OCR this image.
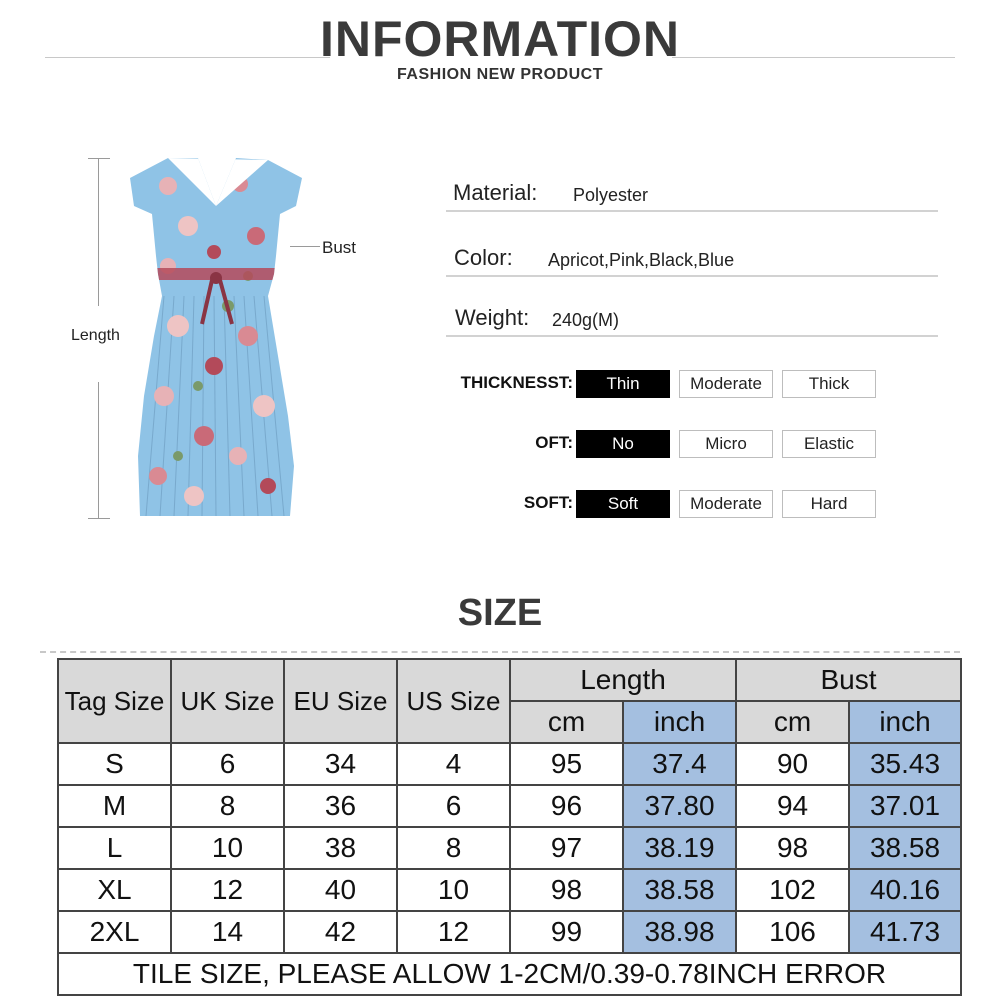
INFORMATION
FASHION NEW PRODUCT
Length
Bust
Material: Polyester
Color: Apricot,Pink,Black,Blue
Weight: 240g(M)
THICKNESST:	Thin	Moderate	Thick
OFT:	No	Micro	Elastic
SOFT:	Soft	Moderate	Hard
SIZE
Tag Size	UK Size	EU Size	US Size	Length		Bust	
				cm	inch	cm	inch
S	6	34	4	95	37.4	90	35.43
M	8	36	6	96	37.80	94	37.01
L	10	38	8	97	38.19	98	38.58
XL	12	40	10	98	38.58	102	40.16
2XL	14	42	12	99	38.98	106	41.73
TILE SIZE, PLEASE ALLOW 1-2CM/0.39-0.78INCH ERROR							
